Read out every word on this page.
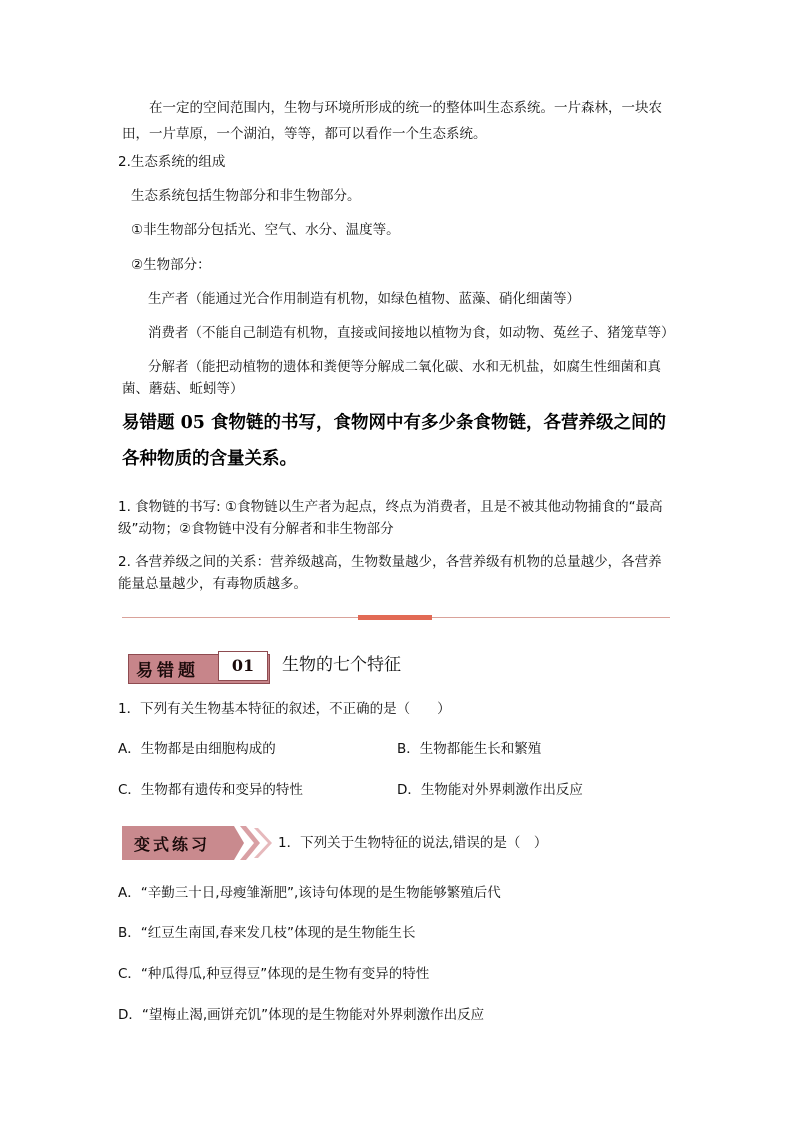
在一定的空间范围内，生物与环境所形成的统一的整体叫生态系统。一片森林，一块农田，一片草原，一个湖泊，等等，都可以看作一个生态系统。
2.生态系统的组成
生态系统包括生物部分和非生物部分。
①非生物部分包括光、空气、水分、温度等。
②生物部分：
生产者（能通过光合作用制造有机物，如绿色植物、蓝藻、硝化细菌等）
消费者（不能自己制造有机物，直接或间接地以植物为食，如动物、菟丝子、猪笼草等）
分解者（能把动植物的遗体和粪便等分解成二氧化碳、水和无机盐，如腐生性细菌和真菌、蘑菇、蚯蚓等）
易错题 05 食物链的书写，食物网中有多少条食物链，各营养级之间的各种物质的含量关系。
1. 食物链的书写: ①食物链以生产者为起点，终点为消费者，且是不被其他动物捕食的“最高级”动物；②食物链中没有分解者和非生物部分
2. 各营养级之间的关系：营养级越高，生物数量越少，各营养级有机物的总量越少，各营养能量总量越少，有毒物质越多。
易错题	01	生物的七个特征
1．下列有关生物基本特征的叙述，不正确的是（　　）
A．生物都是由细胞构成的	B．生物都能生长和繁殖
C．生物都有遗传和变异的特性	D．生物能对外界刺激作出反应
变式练习	1．下列关于生物特征的说法,错误的是（　）
A．“辛勤三十日,母瘦雏渐肥”,该诗句体现的是生物能够繁殖后代
B．“红豆生南国,春来发几枝”体现的是生物能生长
C．“种瓜得瓜,种豆得豆”体现的是生物有变异的特性
D．“望梅止渴,画饼充饥”体现的是生物能对外界刺激作出反应
